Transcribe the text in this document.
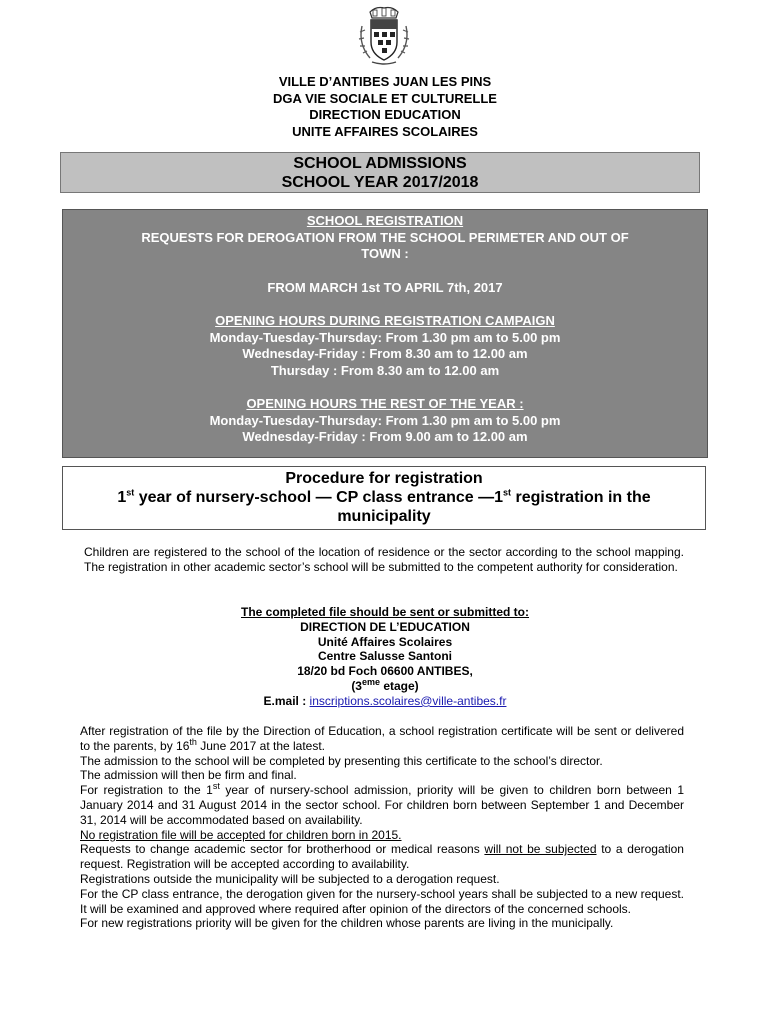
VILLE D’ANTIBES JUAN LES PINS
DGA VIE SOCIALE ET CULTURELLE
DIRECTION EDUCATION
UNITE AFFAIRES SCOLAIRES
SCHOOL ADMISSIONS
SCHOOL YEAR 2017/2018

SCHOOL REGISTRATION

REQUESTS FOR DEROGATION FROM THE SCHOOL PERIMETER AND OUT OF TOWN :

FROM MARCH 1st TO APRIL 7th, 2017

OPENING HOURS DURING REGISTRATION CAMPAIGN

Monday-Tuesday-Thursday: From 1.30 pm am to 5.00 pm

Wednesday-Friday : From 8.30 am to 12.00 am

Thursday : From 8.30 am to 12.00 am

OPENING HOURS THE REST OF THE YEAR :

Monday-Tuesday-Thursday: From 1.30 pm am to 5.00 pm

Wednesday-Friday : From 9.00 am to 12.00 am

Procedure for registration
1st year of nursery-school — CP class entrance —1st registration in the
municipality
Children are registered to the school of the location of residence or the sector according to the school mapping. The registration in other academic sector’s school will be submitted to the competent authority for consideration.
The completed file should be sent or submitted to:
DIRECTION DE L’EDUCATION
Unité Affaires Scolaires
Centre Salusse Santoni
18/20 bd Foch 06600 ANTIBES,
(3eme etage)
E.mail : inscriptions.scolaires@ville-antibes.fr

After registration of the file by the Direction of Education, a school registration certificate will be sent or delivered to the parents, by 16th June 2017 at the latest.

The admission to the school will be completed by presenting this certificate to the school’s director.

The admission will then be firm and final.

For registration to the 1st year of nursery-school admission, priority will be given to children born between 1 January 2014 and 31 August 2014 in the sector school. For children born between September 1 and December 31, 2014 will be accommodated based on availability.

No registration file will be accepted for children born in 2015.

Requests to change academic sector for brotherhood or medical reasons will not be subjected to a derogation request. Registration will be accepted according to availability.

Registrations outside the municipality will be subjected to a derogation request.

For the CP class entrance, the derogation given for the nursery-school years shall be subjected to a new request. It will be examined and approved where required after opinion of the directors of the concerned schools.

For new registrations priority will be given for the children whose parents are living in the municipally.
